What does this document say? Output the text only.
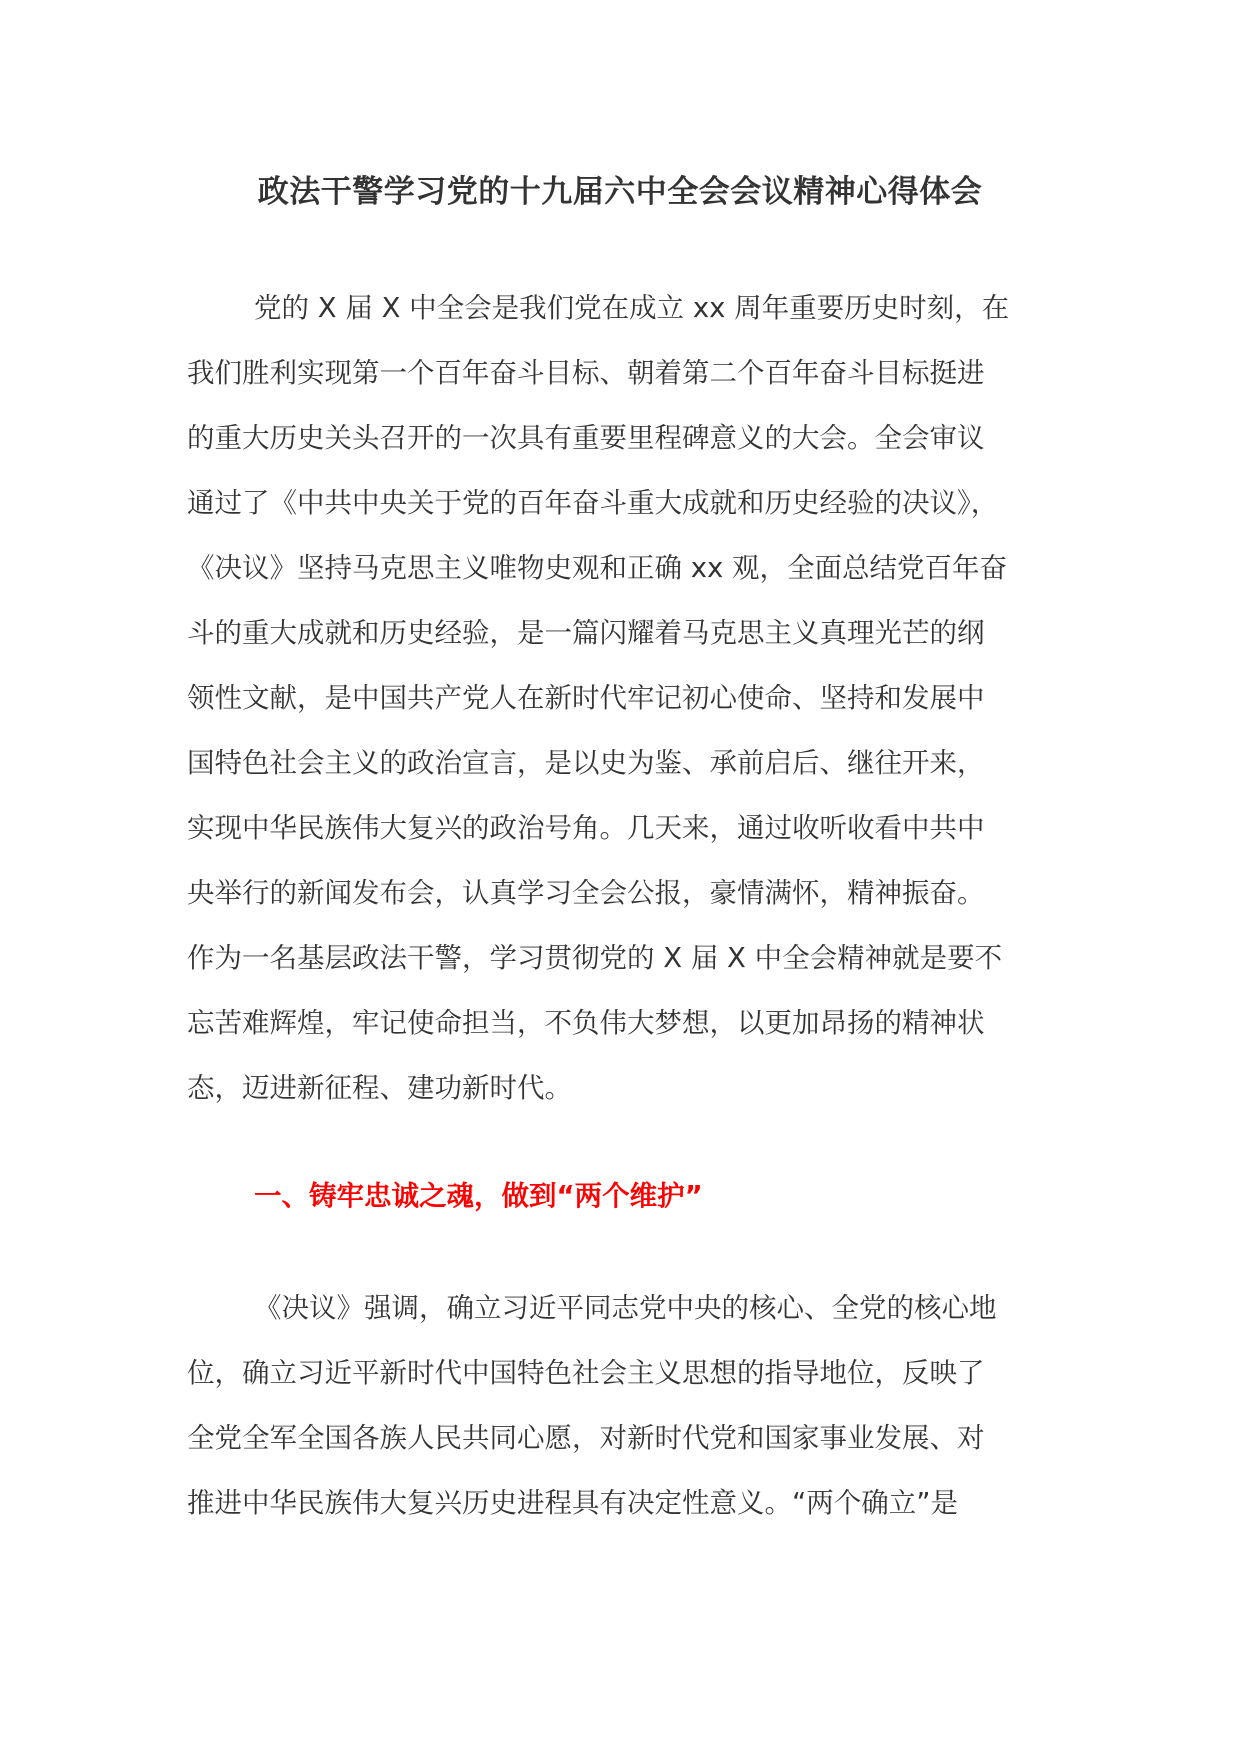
政法干警学习党的十九届六中全会会议精神心得体会

党的 X 届 X 中全会是我们党在成立 xx 周年重要历史时刻，在
我们胜利实现第一个百年奋斗目标、朝着第二个百年奋斗目标挺进
的重大历史关头召开的一次具有重要里程碑意义的大会。全会审议
通过了《中共中央关于党的百年奋斗重大成就和历史经验的决议》，
《决议》坚持马克思主义唯物史观和正确 xx 观，全面总结党百年奋
斗的重大成就和历史经验，是一篇闪耀着马克思主义真理光芒的纲
领性文献，是中国共产党人在新时代牢记初心使命、坚持和发展中
国特色社会主义的政治宣言，是以史为鉴、承前启后、继往开来，
实现中华民族伟大复兴的政治号角。几天来，通过收听收看中共中
央举行的新闻发布会，认真学习全会公报，豪情满怀，精神振奋。
作为一名基层政法干警，学习贯彻党的 X 届 X 中全会精神就是要不
忘苦难辉煌，牢记使命担当，不负伟大梦想，以更加昂扬的精神状
态，迈进新征程、建功新时代。

一、铸牢忠诚之魂，做到“两个维护”

《决议》强调，确立习近平同志党中央的核心、全党的核心地
位，确立习近平新时代中国特色社会主义思想的指导地位，反映了
全党全军全国各族人民共同心愿，对新时代党和国家事业发展、对
推进中华民族伟大复兴历史进程具有决定性意义。“两个确立”是
